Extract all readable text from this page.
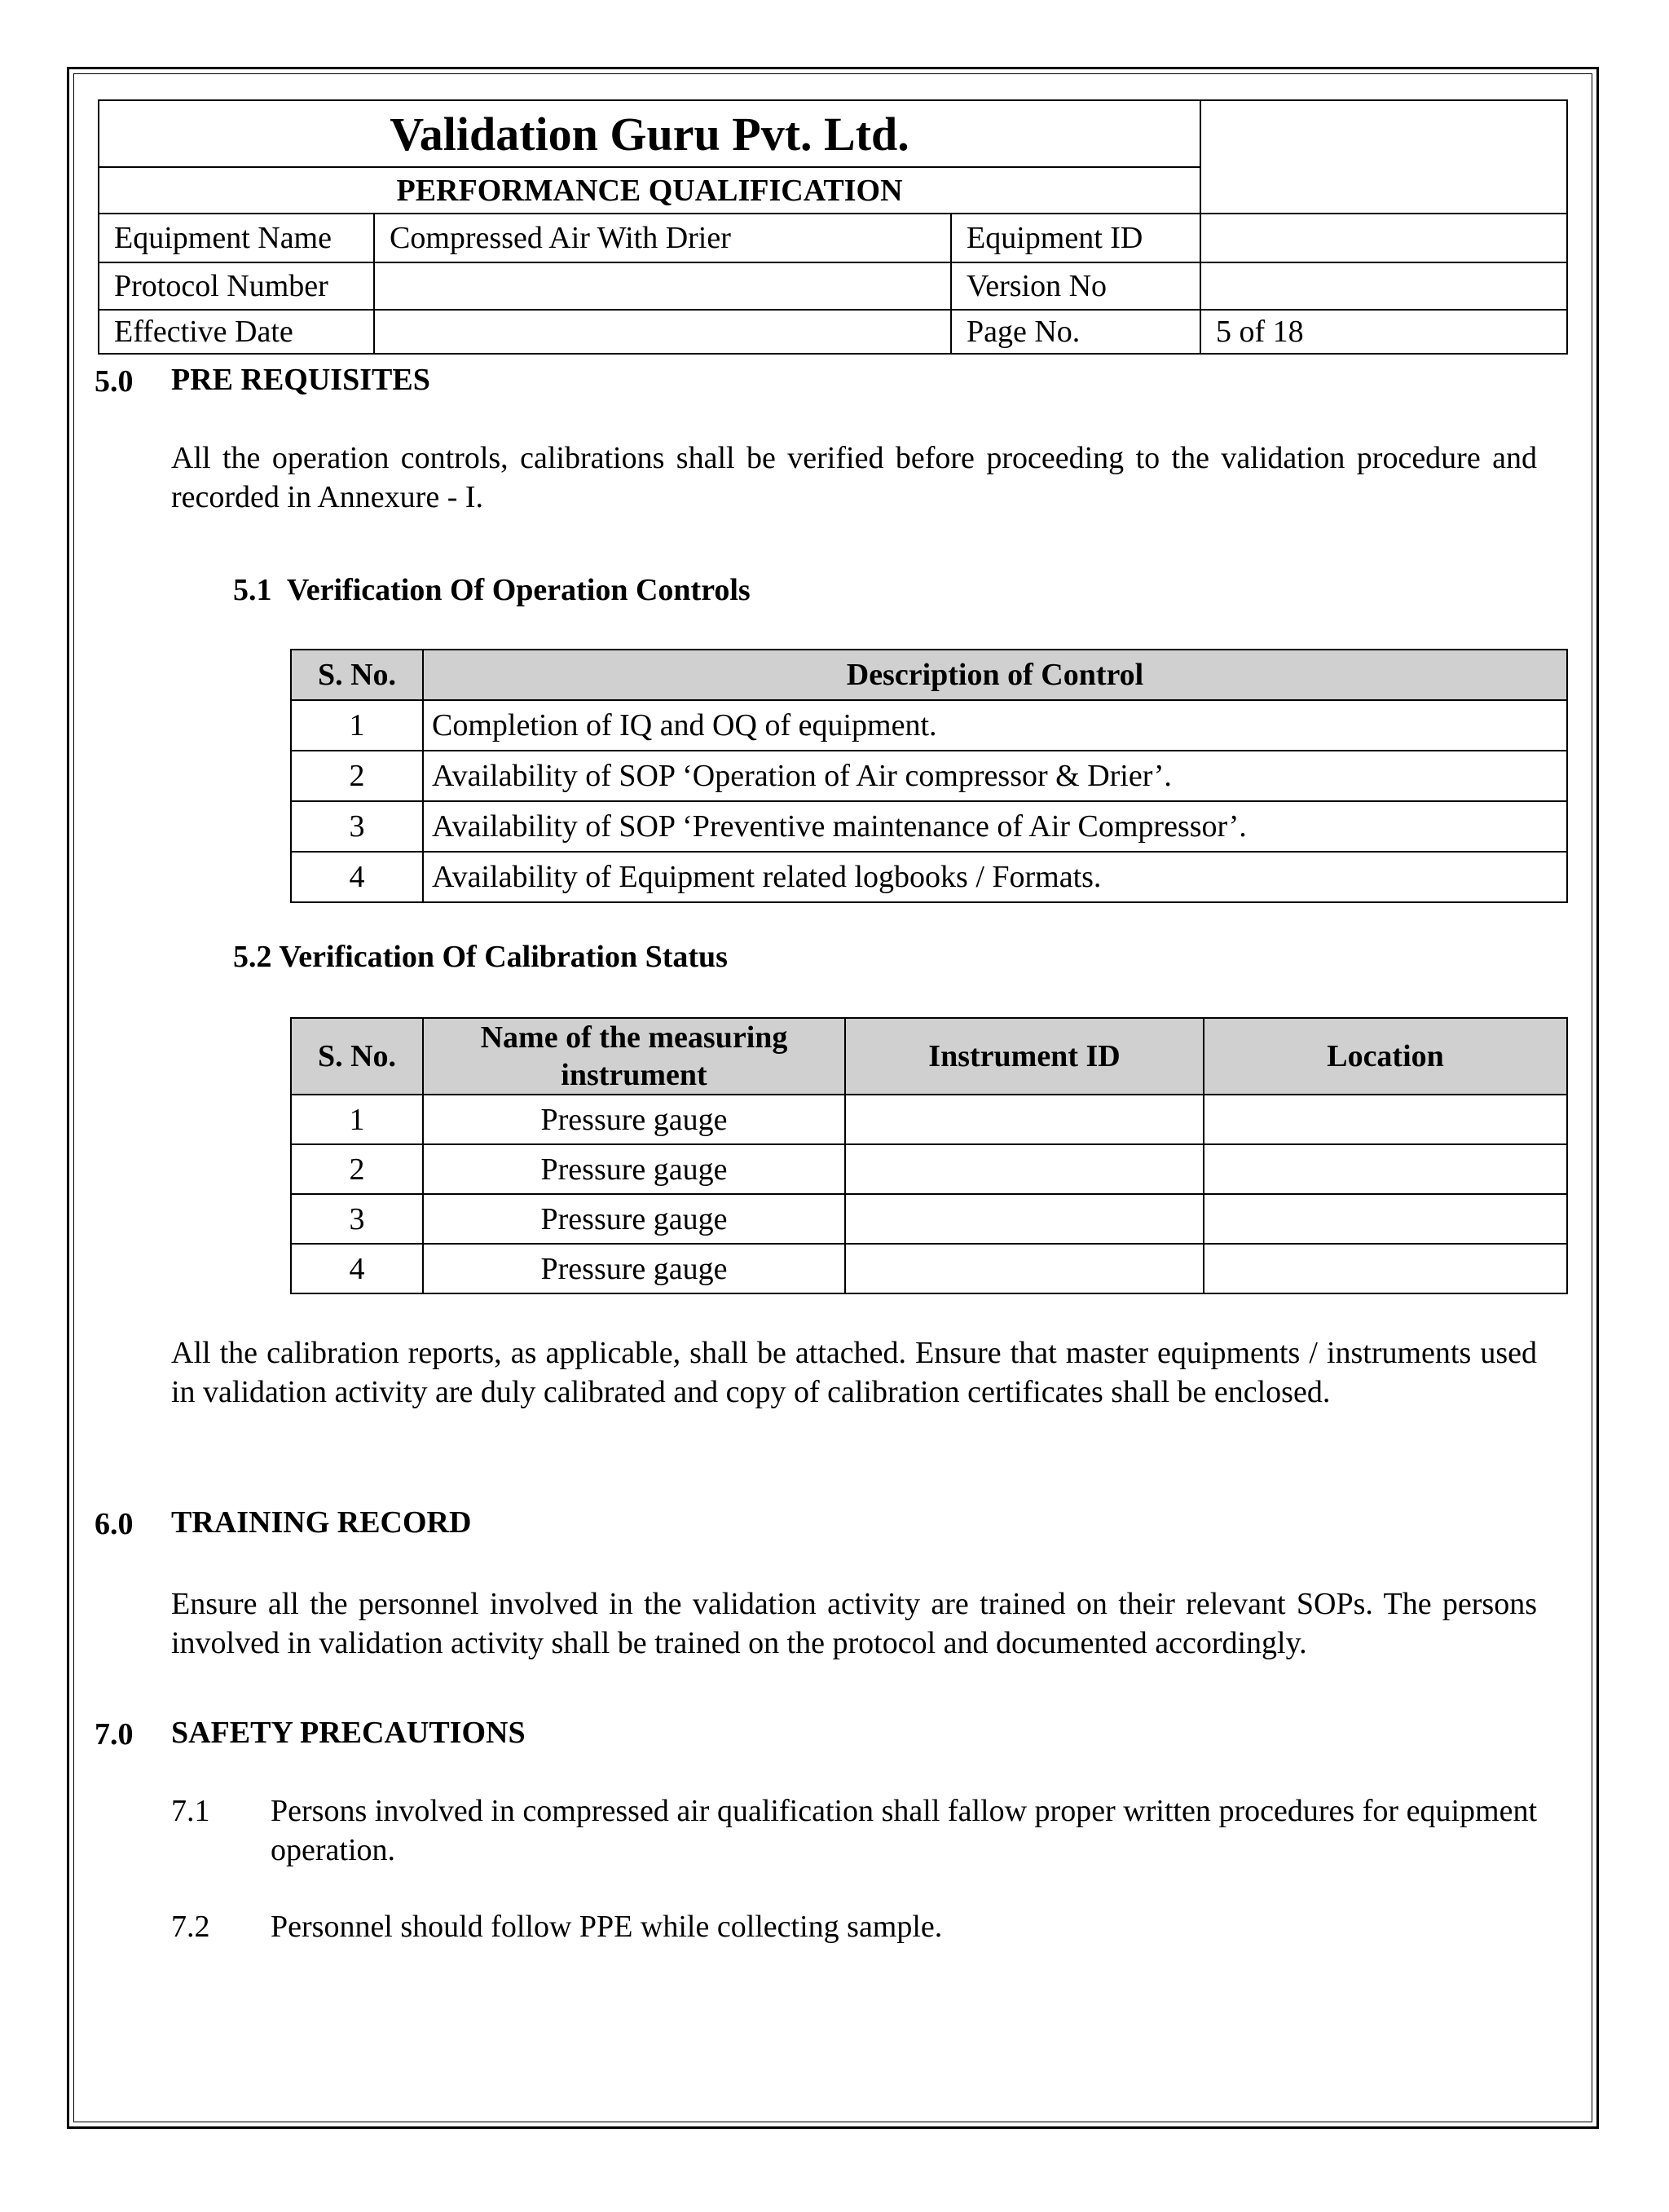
Validation Guru Pvt. Ltd.			
PERFORMANCE QUALIFICATION			
Equipment Name	Compressed Air With Drier	Equipment ID	
Protocol Number		Version No	
Effective Date		Page No.	5 of 18
5.0 PRE REQUISITES
All the operation controls, calibrations shall be verified before proceeding to the validation procedure and recorded in Annexure - I.
5.1  Verification Of Operation Controls
S. No.	Description of Control
1	Completion of IQ and OQ of equipment.
2	Availability of SOP ‘Operation of Air compressor & Drier’.
3	Availability of SOP ‘Preventive maintenance of Air Compressor’.
4	Availability of Equipment related logbooks / Formats.
5.2 Verification Of Calibration Status
S. No.	Name of the measuring instrument	Instrument ID	Location
1	Pressure gauge		
2	Pressure gauge		
3	Pressure gauge		
4	Pressure gauge		
All the calibration reports, as applicable, shall be attached. Ensure that master equipments / instruments used in validation activity are duly calibrated and copy of calibration certificates shall be enclosed.
6.0 TRAINING RECORD
Ensure all the personnel involved in the validation activity are trained on their relevant SOPs. The persons involved in validation activity shall be trained on the protocol and documented accordingly.
7.0 SAFETY PRECAUTIONS
7.1 Persons involved in compressed air qualification shall fallow proper written procedures for equipment operation.
7.2 Personnel should follow PPE while collecting sample.
